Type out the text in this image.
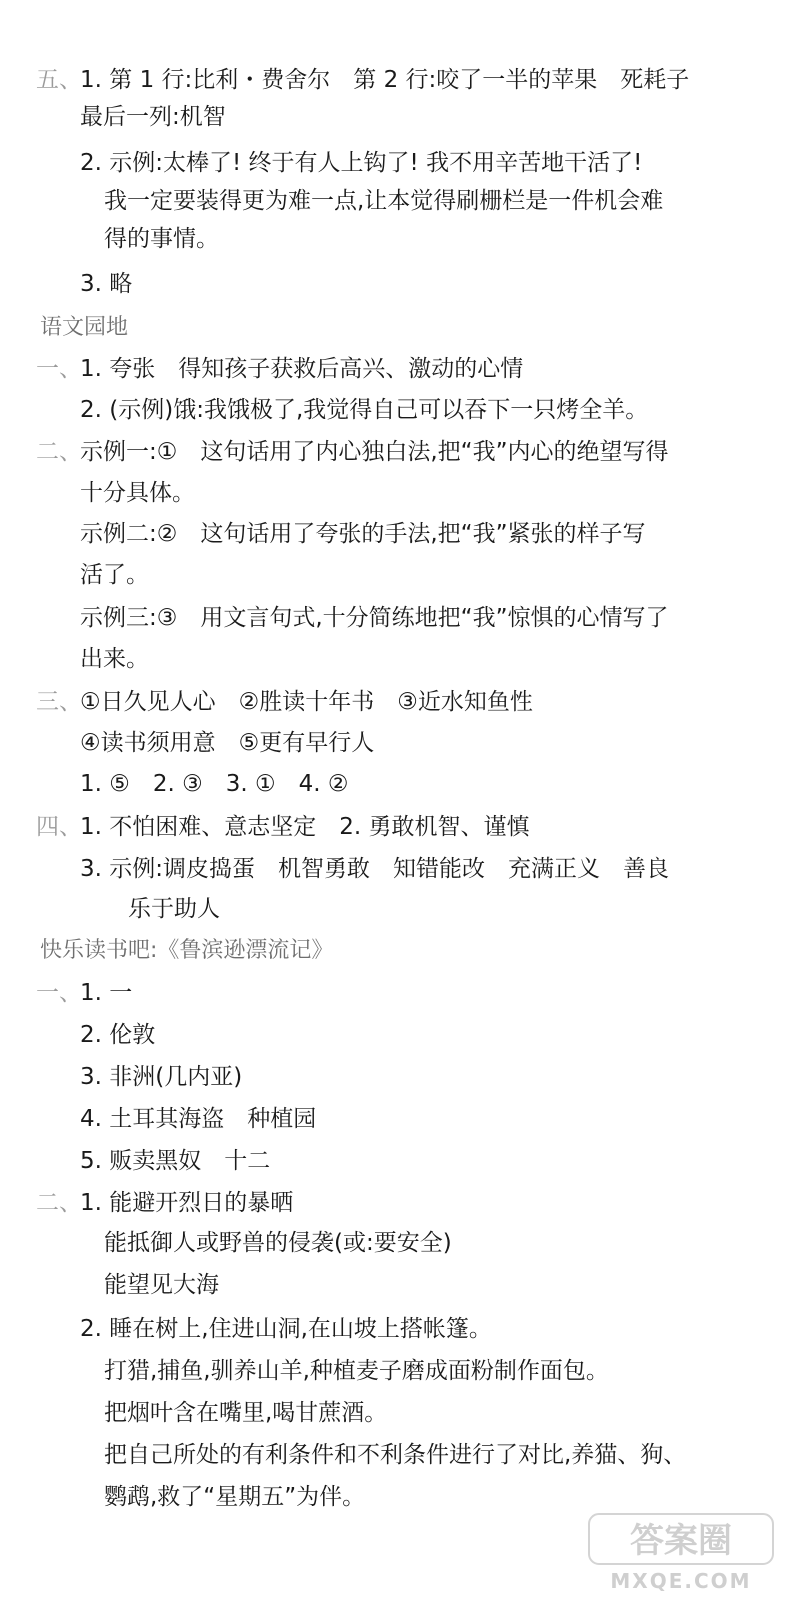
五、
1. 第 1 行:比利・费舍尔　第 2 行:咬了一半的苹果　死耗子
最后一列:机智
2. 示例:太棒了! 终于有人上钩了! 我不用辛苦地干活了!
我一定要装得更为难一点,让本觉得刷栅栏是一件机会难
得的事情。
3. 略
语文园地
一、
1. 夸张　得知孩子获救后高兴、激动的心情
2. (示例)饿:我饿极了,我觉得自己可以吞下一只烤全羊。
二、
示例一:①　这句话用了内心独白法,把“我”内心的绝望写得
十分具体。
示例二:②　这句话用了夸张的手法,把“我”紧张的样子写
活了。
示例三:③　用文言句式,十分简练地把“我”惊惧的心情写了
出来。
三、
①日久见人心　②胜读十年书　③近水知鱼性
④读书须用意　⑤更有早行人
1. ⑤　2. ③　3. ①　4. ②
四、
1. 不怕困难、意志坚定　2. 勇敢机智、谨慎
3. 示例:调皮捣蛋　机智勇敢　知错能改　充满正义　善良
乐于助人
快乐读书吧:《鲁滨逊漂流记》
一、
1. 一
2. 伦敦
3. 非洲(几内亚)
4. 土耳其海盗　种植园
5. 贩卖黑奴　十二
二、
1. 能避开烈日的暴晒
能抵御人或野兽的侵袭(或:要安全)
能望见大海
2. 睡在树上,住进山洞,在山坡上搭帐篷。
打猎,捕鱼,驯养山羊,种植麦子磨成面粉制作面包。
把烟叶含在嘴里,喝甘蔗酒。
把自己所处的有利条件和不利条件进行了对比,养猫、狗、
鹦鹉,救了“星期五”为伴。
答案圈
MXQE.COM
